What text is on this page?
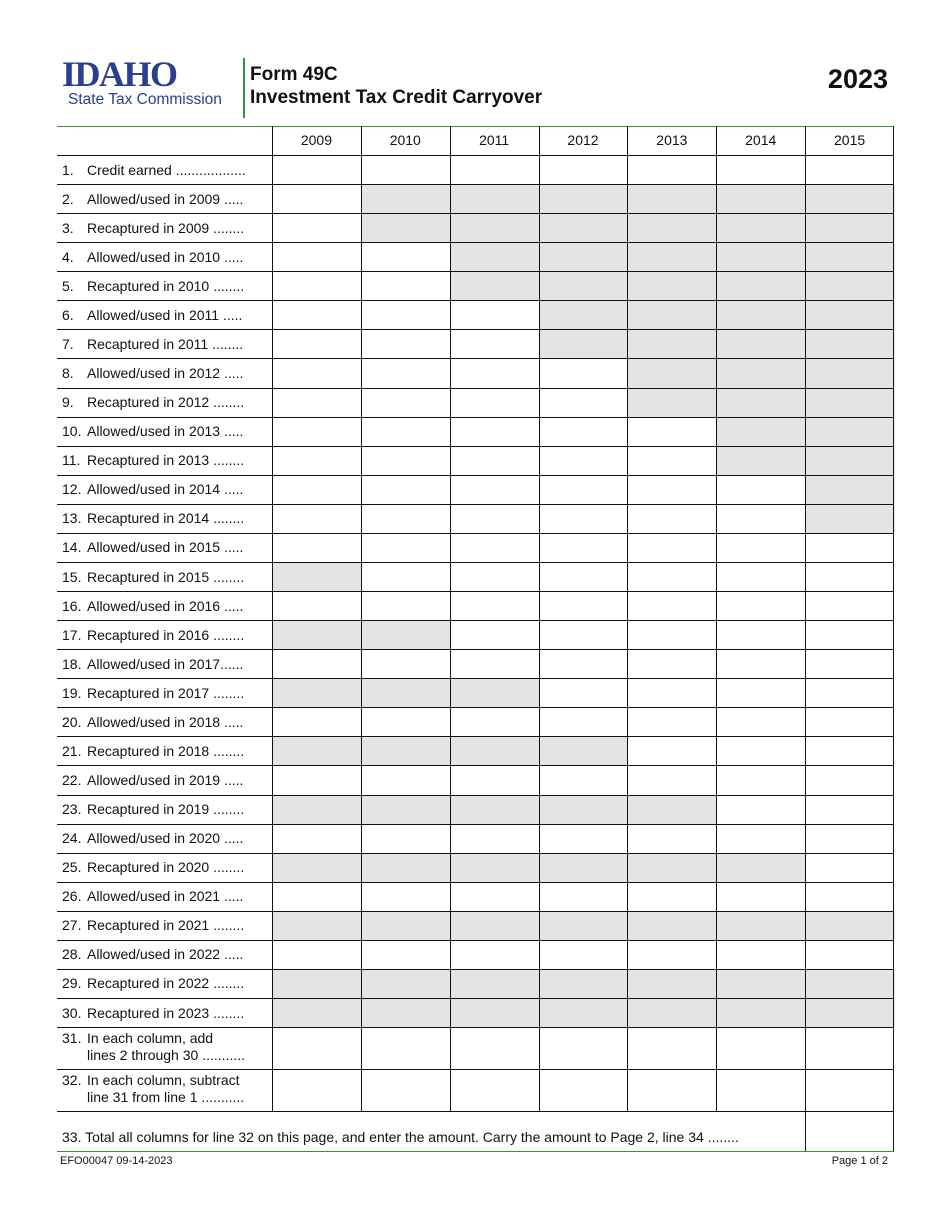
IDAHO
State Tax Commission
Form 49C
Investment Tax Credit Carryover
2023
2009	2010	2011	2012	2013	2014	2015
1. Credit earned ..................
2. Allowed/used in 2009 .....
3. Recaptured in 2009 ........
4. Allowed/used in 2010 .....
5. Recaptured in 2010 ........
6. Allowed/used in 2011 .....
7. Recaptured in 2011 ........
8. Allowed/used in 2012 .....
9. Recaptured in 2012 ........
10. Allowed/used in 2013 .....
11. Recaptured in 2013 ........
12. Allowed/used in 2014 .....
13. Recaptured in 2014 ........
14. Allowed/used in 2015 .....
15. Recaptured in 2015 ........
16. Allowed/used in 2016 .....
17. Recaptured in 2016 ........
18. Allowed/used in 2017......
19. Recaptured in 2017 ........
20. Allowed/used in 2018 .....
21. Recaptured in 2018 ........
22. Allowed/used in 2019 .....
23. Recaptured in 2019 ........
24. Allowed/used in 2020 .....
25. Recaptured in 2020 ........
26. Allowed/used in 2021 .....
27. Recaptured in 2021 ........
28. Allowed/used in 2022 .....
29. Recaptured in 2022 ........
30. Recaptured in 2023 ........
31. In each column, add
lines 2 through 30 ...........
32. In each column, subtract
line 31 from line 1 ...........
33. Total all columns for line 32 on this page, and enter the amount. Carry the amount to Page 2, line 34 ........
EFO00047 09-14-2023	Page 1 of 2
